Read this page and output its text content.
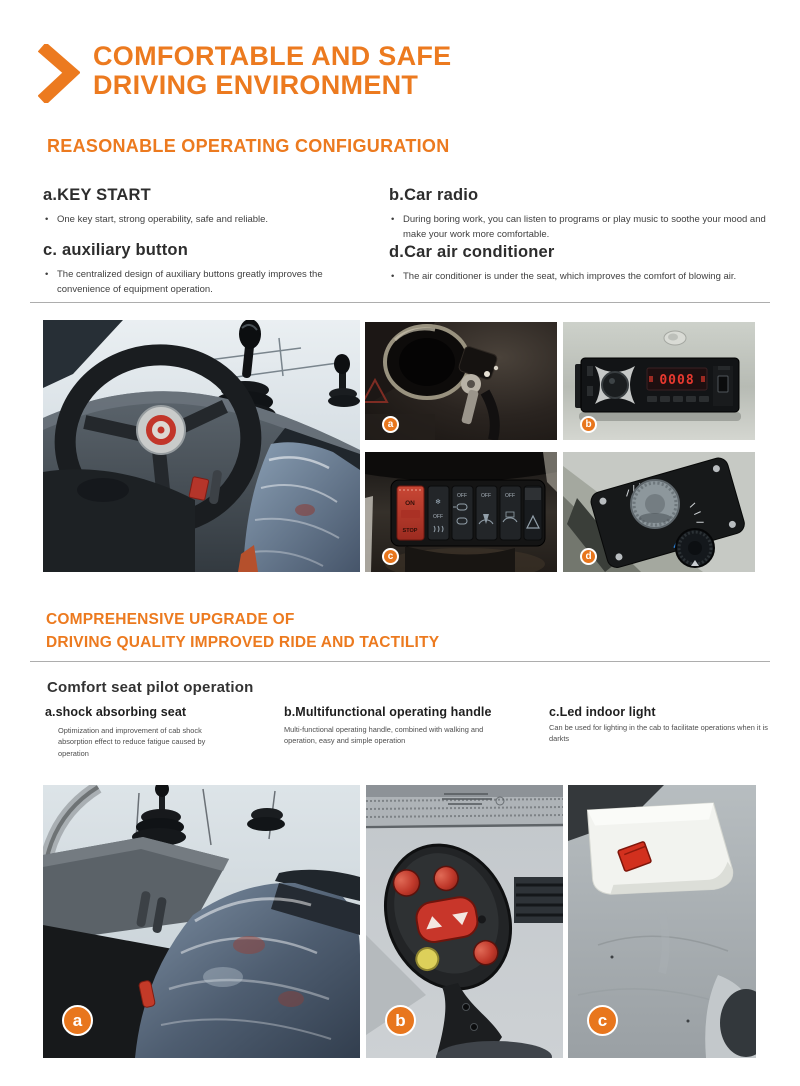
COMFORTABLE AND SAFE
DRIVING ENVIRONMENT
REASONABLE OPERATING CONFIGURATION
a.KEY START
• One key start, strong operability, safe and reliable.
b.Car radio
• During boring work, you can listen to programs or play music to soothe your mood and make your work more comfortable.
c. auxiliary button
• The centralized design of auxiliary buttons greatly improves the convenience of equipment operation.
d.Car air conditioner
• The air conditioner is under the seat, which improves the comfort of blowing air.
a
0008
b
ON
STOP
❄
OFF
OFF	OFF	OFF
c	d
COMPREHENSIVE UPGRADE OF
DRIVING QUALITY IMPROVED RIDE AND TACTILITY
Comfort seat pilot operation
a.shock absorbing seat
Optimization and improvement of cab shock absorption effect to reduce fatigue caused by operation
b.Multifunctional operating handle
Multi-functional operating handle, combined with walking and operation, easy and simple operation
c.Led indoor light
Can be used for lighting in the cab to facilitate operations when it is darkts
a	b	c
